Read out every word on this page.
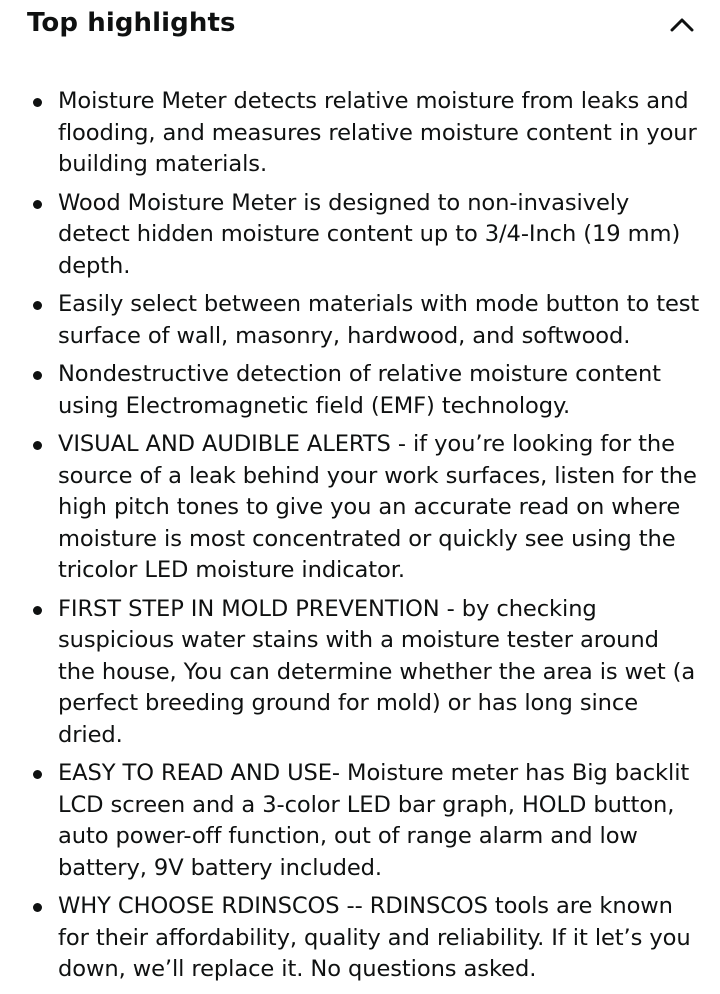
Top highlights
Moisture Meter detects relative moisture from leaks and flooding, and measures relative moisture content in your building materials.
Wood Moisture Meter is designed to non-invasively detect hidden moisture content up to 3/4-Inch (19 mm) depth.
Easily select between materials with mode button to test surface of wall, masonry, hardwood, and softwood.
Nondestructive detection of relative moisture content using Electromagnetic field (EMF) technology.
VISUAL AND AUDIBLE ALERTS - if you’re looking for the source of a leak behind your work surfaces, listen for the high pitch tones to give you an accurate read on where moisture is most concentrated or quickly see using the tricolor LED moisture indicator.
FIRST STEP IN MOLD PREVENTION - by checking suspicious water stains with a moisture tester around the house, You can determine whether the area is wet (a perfect breeding ground for mold) or has long since dried.
EASY TO READ AND USE- Moisture meter has Big backlit LCD screen and a 3-color LED bar graph, HOLD button, auto power-off function, out of range alarm and low battery, 9V battery included.
WHY CHOOSE RDINSCOS -- RDINSCOS tools are known for their affordability, quality and reliability. If it let’s you down, we’ll replace it. No questions asked.
